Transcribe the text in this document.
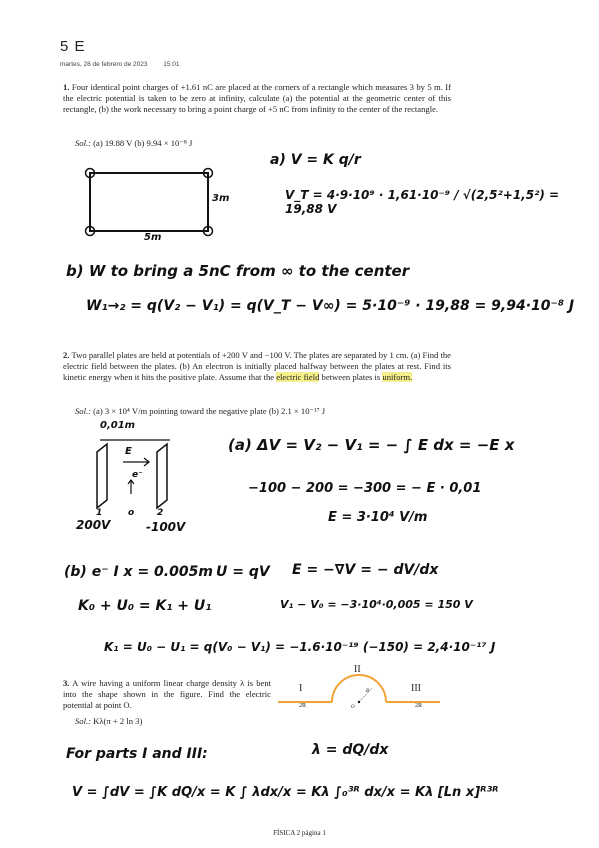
5 E
martes, 28 de febrero de 2023 15:01
1. Four identical point charges of +1.61 nC are placed at the corners of a rectangle which measures 3 by 5 m. If the electric potential is taken to be zero at infinity, calculate (a) the potential at the geometric center of this rectangle, (b) the work necessary to bring a point charge of +5 nC from infinity to the center of the rectangle.
Sol.: (a) 19.88 V (b) 9.94 × 10⁻⁸ J
3m
5m
a) V = K q/r
V_T = 4·9·10⁹ · 1,61·10⁻⁹ / √(2,5²+1,5²) = 19,88 V
b) W to bring a 5nC from ∞ to the center
W₁→₂ = q(V₂ − V₁) = q(V_T − V∞) = 5·10⁻⁹ · 19,88 = 9,94·10⁻⁸ J
2. Two parallel plates are held at potentials of +200 V and −100 V. The plates are separated by 1 cm. (a) Find the electric field between the plates. (b) An electron is initially placed halfway between the plates at rest. Find its kinetic energy when it hits the positive plate. Assume that the electric field between plates is uniform.
Sol.: (a) 3 × 10⁴ V/m pointing toward the negative plate (b) 2.1 × 10⁻¹⁷ J
0,01m
E
e⁻
1	o	2
200V	-100V
(a) ΔV = V₂ − V₁ = − ∫ E dx = −E x
−100 − 200 = −300 = − E · 0,01
E = 3·10⁴ V/m
(b) e⁻ I x = 0.005m U = qV E = −∇V = − dV/dx
K₀ + U₀ = K₁ + U₁	V₁ − V₀ = −3·10⁴·0,005 = 150 V
K₁ = U₀ − U₁ = q(V₀ − V₁) = −1.6·10⁻¹⁹ (−150) = 2,4·10⁻¹⁷ J
3. A wire having a uniform linear charge density λ is bent into the shape shown in the figure. Find the electric potential at point O.
Sol.: Kλ(π + 2 ln 3)
I
II
III
2R	2R
R
O
For parts I and III:	λ = dQ/dx
V = ∫dV = ∫K dQ/x = K ∫ λdx/x = Kλ ∫₀³ᴿ dx/x = Kλ [Ln x]ᴿ³ᴿ
FÍSICA 2 página 1
